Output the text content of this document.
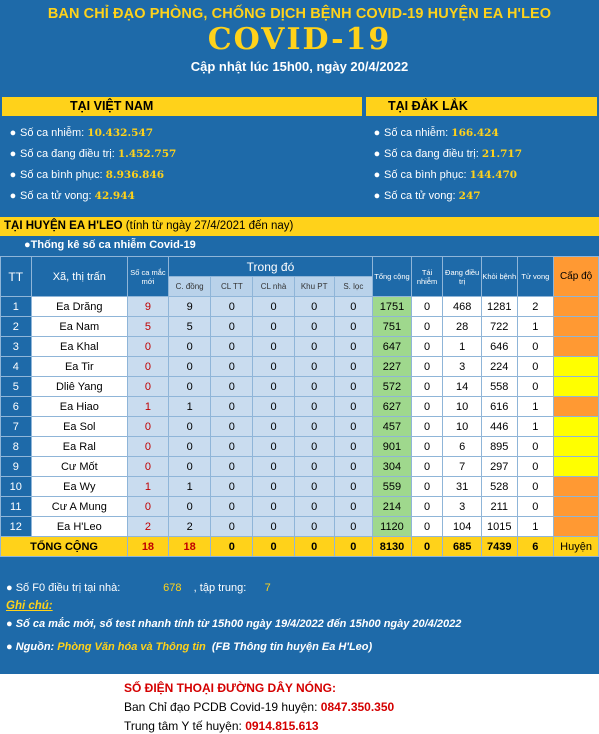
BAN CHỈ ĐẠO PHÒNG, CHỐNG DỊCH BỆNH COVID-19 HUYỆN EA H'LEO
COVID-19
Cập nhật lúc 15h00, ngày 20/4/2022
TẠI VIỆT NAM	TẠI ĐẮK LẮK
● Số ca nhiễm: 10.432.547
● Số ca đang điều trị: 1.452.757
● Số ca bình phục: 8.936.846
● Số ca tử vong: 42.944
● Số ca nhiễm: 166.424
● Số ca đang điều trị: 21.717
● Số ca bình phục: 144.470
● Số ca tử vong: 247
TẠI HUYỆN EA H'LEO (tính từ ngày 27/4/2021 đến nay)
●Thống kê số ca nhiễm Covid-19
TT	Xã, thị trấn	Số ca mắc mới	Trong đó					Tổng cộng	Tái nhiễm	Đang điều trị	Khỏi bệnh	Tử vong	Cấp độ
			C. đồng	CL TT	CL nhà	Khu PT	S. lọc						
1	Ea Drăng	9	9	0	0	0	0	1751	0	468	1281	2	
2	Ea Nam	5	5	0	0	0	0	751	0	28	722	1	
3	Ea Khal	0	0	0	0	0	0	647	0	1	646	0	
4	Ea Tir	0	0	0	0	0	0	227	0	3	224	0	
5	Dliê Yang	0	0	0	0	0	0	572	0	14	558	0	
6	Ea Hiao	1	1	0	0	0	0	627	0	10	616	1	
7	Ea Sol	0	0	0	0	0	0	457	0	10	446	1	
8	Ea Ral	0	0	0	0	0	0	901	0	6	895	0	
9	Cư Mốt	0	0	0	0	0	0	304	0	7	297	0	
10	Ea Wy	1	1	0	0	0	0	559	0	31	528	0	
11	Cư A Mung	0	0	0	0	0	0	214	0	3	211	0	
12	Ea H'Leo	2	2	0	0	0	0	1120	0	104	1015	1	
TỔNG CỘNG		18	18	0	0	0	0	8130	0	685	7439	6	Huyện
● Số F0 điều trị tại nhà:	678 , tập trung: 7
Ghi chú:
● Số ca mắc mới, số test nhanh tính từ 15h00 ngày 19/4/2022 đến 15h00 ngày 20/4/2022
● Nguồn: Phòng Văn hóa và Thông tin (FB Thông tin huyện Ea H'Leo)
SỐ ĐIỆN THOẠI ĐƯỜNG DÂY NÓNG:
Ban Chỉ đạo PCDB Covid-19 huyện: 0847.350.350
Trung tâm Y tế huyện: 0914.815.613
